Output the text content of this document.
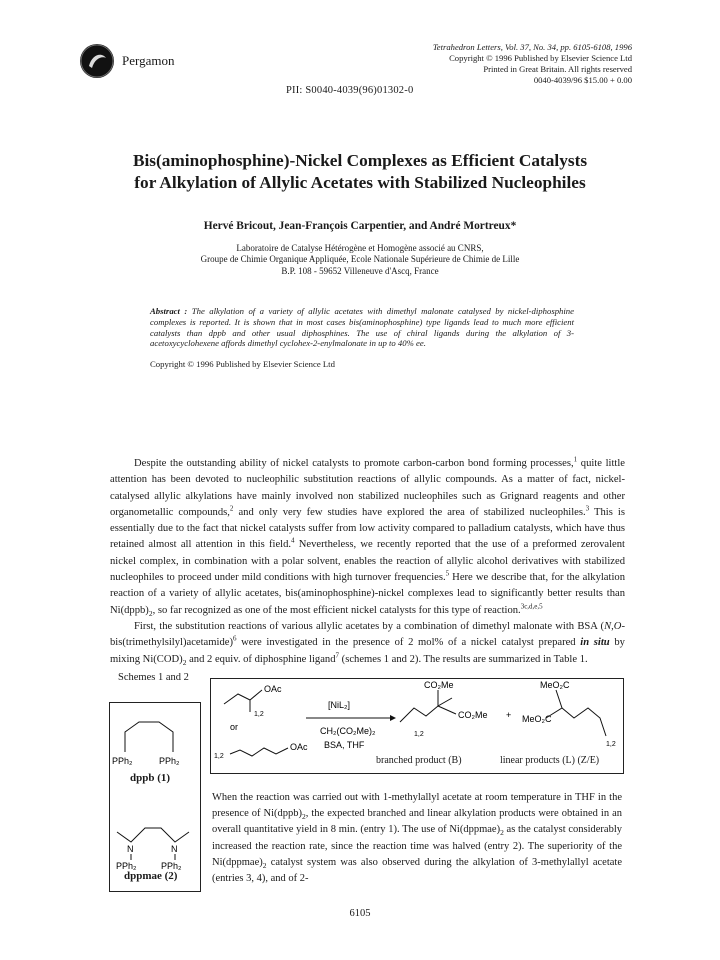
Pergamon
Tetrahedron Letters, Vol. 37, No. 34, pp. 6105-6108, 1996
Copyright © 1996 Published by Elsevier Science Ltd
Printed in Great Britain. All rights reserved
0040-4039/96 $15.00 + 0.00
PII: S0040-4039(96)01302-0
Bis(aminophosphine)-Nickel Complexes as Efficient Catalysts
for Alkylation of Allylic Acetates with Stabilized Nucleophiles
Hervé Bricout, Jean-François Carpentier, and André Mortreux*
Laboratoire de Catalyse Hétérogène et Homogène associé au CNRS,
Groupe de Chimie Organique Appliquée, Ecole Nationale Supérieure de Chimie de Lille
B.P. 108 - 59652 Villeneuve d'Ascq, France
Abstract : The alkylation of a variety of allylic acetates with dimethyl malonate catalysed by nickel-diphosphine complexes is reported. It is shown that in most cases bis(aminophosphine) type ligands lead to much more efficient catalysts than dppb and other usual diphosphines. The use of chiral ligands during the alkylation of 3-acetoxycyclohexene affords dimethyl cyclohex-2-enylmalonate in up to 40% ee.
Copyright © 1996 Published by Elsevier Science Ltd

Despite the outstanding ability of nickel catalysts to promote carbon-carbon bond forming processes,$^1$ quite little attention has been devoted to nucleophilic substitution reactions of allylic compounds. As a matter of fact, nickel-catalysed allylic alkylations have mainly involved non stabilized nucleophiles such as Grignard reagents and other organometallic compounds,$^2$ and only very few studies have explored the area of stabilized nucleophiles.$^3$ This is essentially due to the fact that nickel catalysts suffer from low activity compared to palladium catalysts, which have thus retained almost all attention in this field.$^4$ Nevertheless, we recently reported that the use of a preformed zerovalent nickel complex, in combination with a polar solvent, enables the reaction of allylic alcohol derivatives with stabilized nucleophiles to proceed under mild conditions with high turnover frequencies.$^5$ Here we describe that, for the alkylation reaction of a variety of allylic acetates, bis(aminophosphine)-nickel complexes lead to significantly better results than $Ni(dppb)_2$, so far recognized as one of the most efficient nickel catalysts for this type of reaction.$^{3c,d,e,5}$

First, the substitution reactions of various allylic acetates by a combination of dimethyl malonate with BSA (N,O-bis(trimethylsilyl)acetamide)$^6$ were investigated in the presence of 2 mol% of a nickel catalyst prepared in situ by mixing $Ni(COD)_2$ and 2 equiv. of diphosphine ligand$^7$ (schemes 1 and 2). The results are summarized in Table 1.

Schemes 1 and 2
PPh₂	PPh₂
N	N
PPh₂	PPh₂
dppb (1)
dppmae (2)
OAc
1,2
or
1,2
OAc
[NiL₂]
CH₂(CO₂Me)₂
BSA, THF
CO₂Me
CO₂Me
1,2
+
MeO₂C
MeO₂C
1,2
branched product (B)	linear products (L) (Z/E)
When the reaction was carried out with 1-methylallyl acetate at room temperature in THF in the presence of $Ni(dppb)_2$, the expected branched and linear alkylation products were obtained in an overall quantitative yield in 8 min. (entry 1). The use of $Ni(dppmae)_2$ as the catalyst considerably increased the reaction rate, since the reaction time was halved (entry 2). The superiority of the $Ni(dppmae)_2$ catalyst system was also observed during the alkylation of 3-methylallyl acetate (entries 3, 4), and of 2-
6105
